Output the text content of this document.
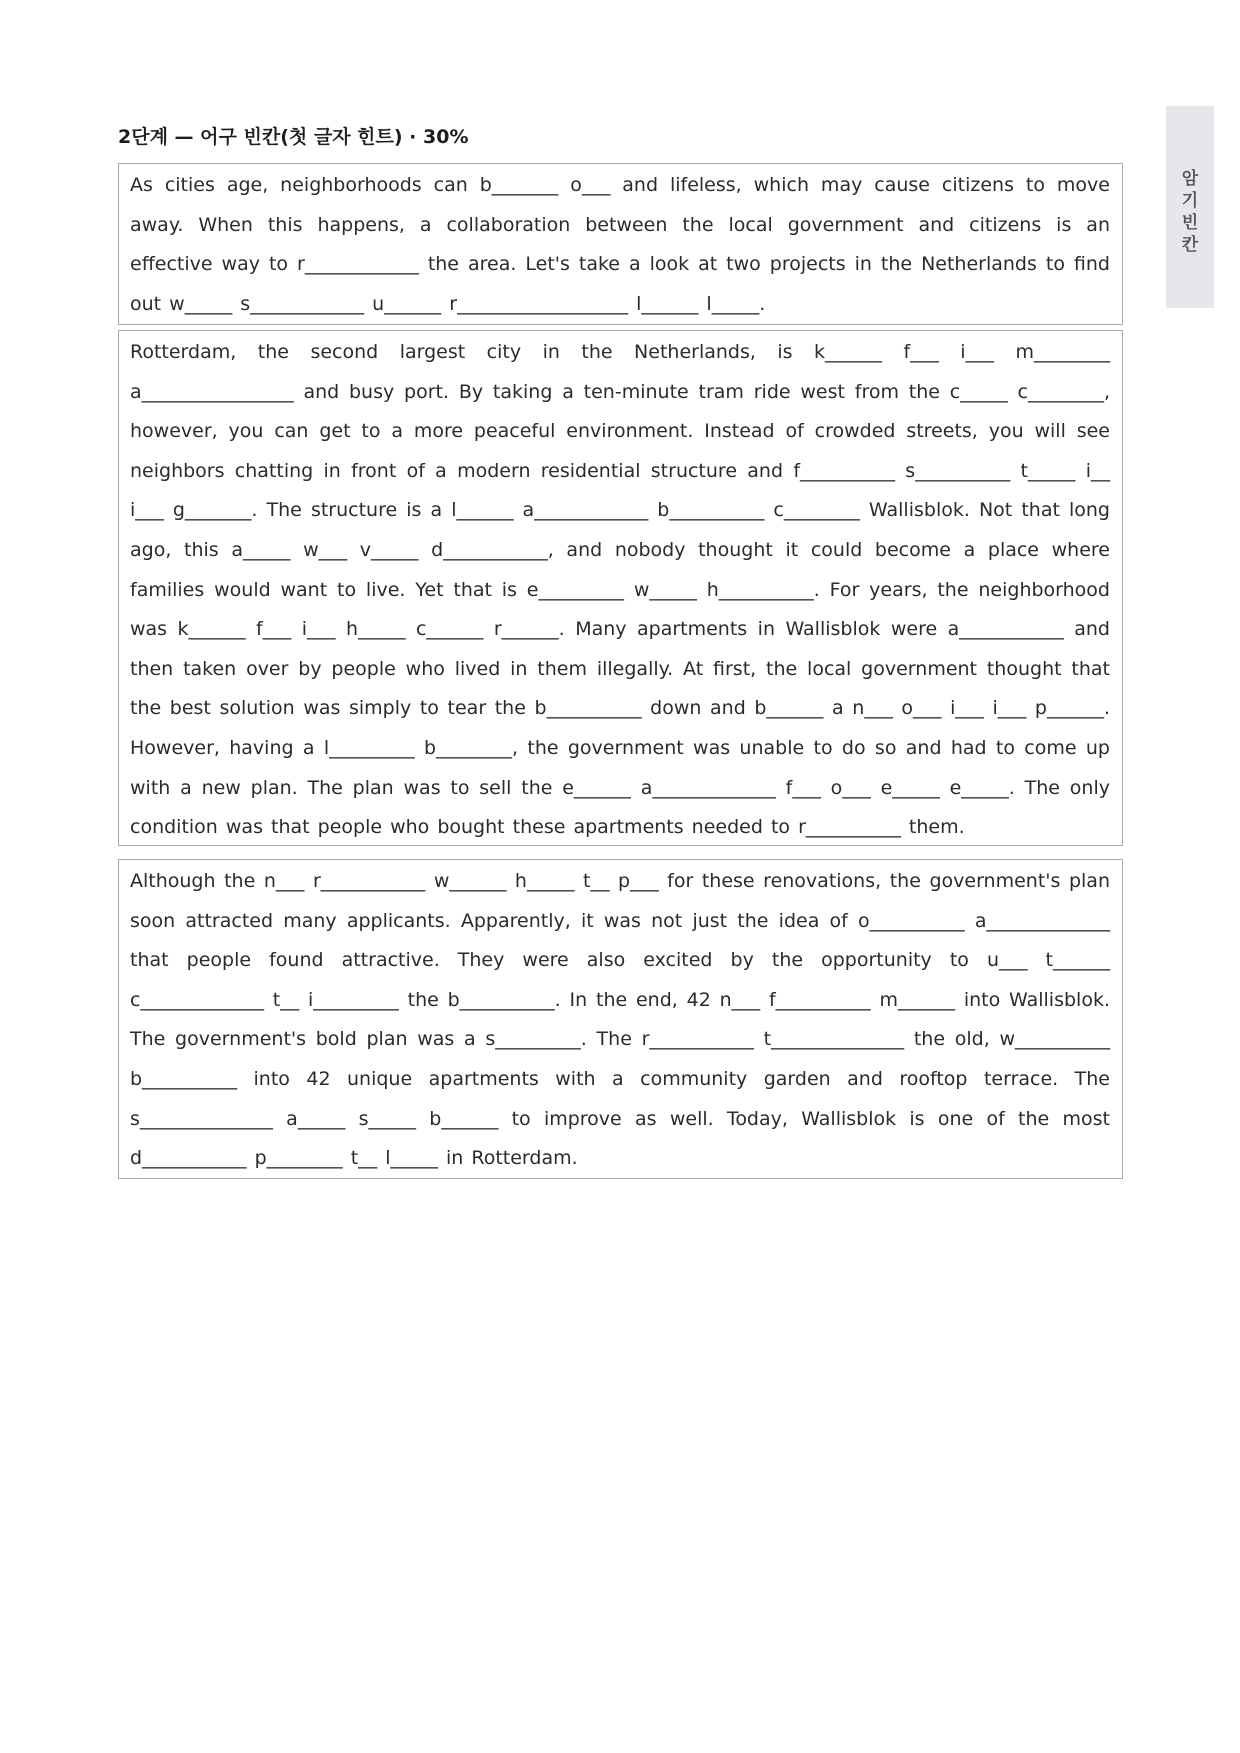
2단계 — 어구 빈칸(첫 글자 힌트) · 30%
암기빈칸

As cities age, neighborhoods can b_______ o___ and lifeless, which may cause citizens to move away. When this happens, a collaboration between the local government and citizens is an effective way to r____________ the area. Let's take a look at two projects in the Netherlands to find out w_____ s____________ u______ r__________________ l______ l_____.

Rotterdam, the second largest city in the Netherlands, is k______ f___ i___ m________ a________________ and busy port. By taking a ten-minute tram ride west from the c_____ c________, however, you can get to a more peaceful environment. Instead of crowded streets, you will see neighbors chatting in front of a modern residential structure and f__________ s__________ t_____ i__ i___ g_______. The structure is a l______ a____________ b__________ c________ Wallisblok. Not that long ago, this a_____ w___ v_____ d___________, and nobody thought it could become a place where families would want to live. Yet that is e_________ w_____ h__________. For years, the neighborhood was k______ f___ i___ h_____ c______ r______. Many apartments in Wallisblok were a___________ and then taken over by people who lived in them illegally. At first, the local government thought that the best solution was simply to tear the b__________ down and b______ a n___ o___ i___ i___ p______. However, having a l_________ b________, the government was unable to do so and had to come up with a new plan. The plan was to sell the e______ a_____________ f___ o___ e_____ e_____. The only condition was that people who bought these apartments needed to r__________ them.

Although the n___ r___________ w______ h_____ t__ p___ for these renovations, the government's plan soon attracted many applicants. Apparently, it was not just the idea of o__________ a_____________ that people found attractive. They were also excited by the opportunity to u___ t______ c_____________ t__ i_________ the b__________. In the end, 42 n___ f__________ m______ into Wallisblok. The government's bold plan was a s_________. The r___________ t______________ the old, w__________ b__________ into 42 unique apartments with a community garden and rooftop terrace. The s______________ a_____ s_____ b______ to improve as well. Today, Wallisblok is one of the most d___________ p________ t__ l_____ in Rotterdam.
